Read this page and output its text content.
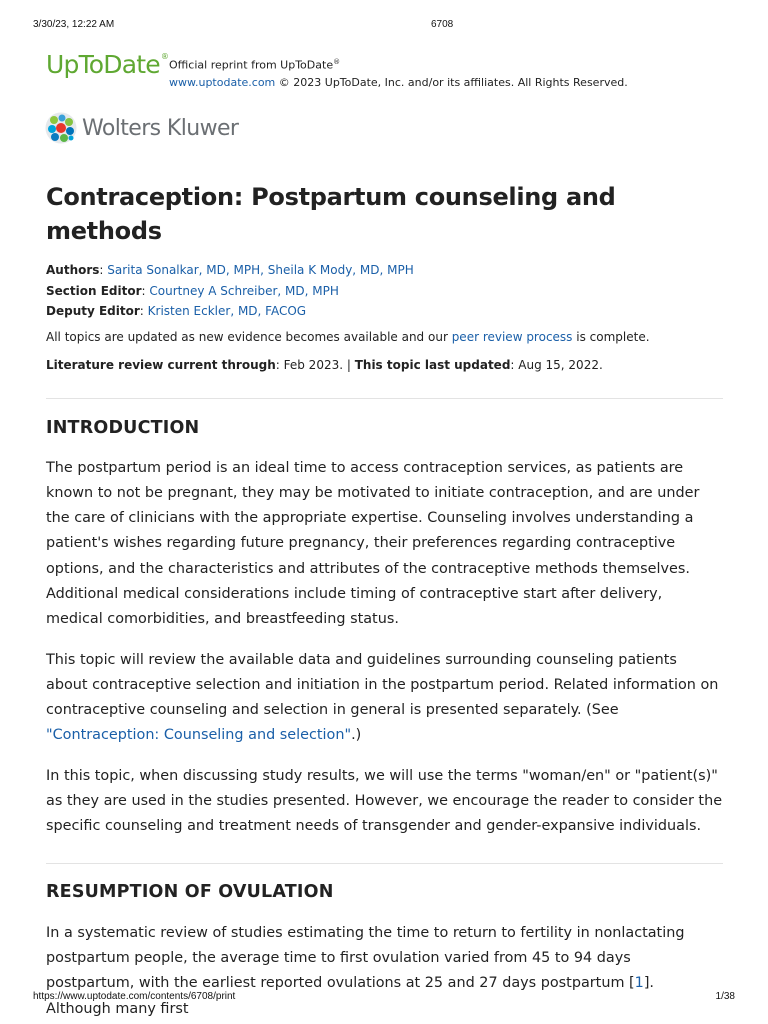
3/30/23, 12:22 AM	6708
UpToDate®
Official reprint from UpToDate®
www.uptodate.com © 2023 UpToDate, Inc. and/or its affiliates. All Rights Reserved.
Wolters Kluwer
Contraception: Postpartum counseling and methods
Authors: Sarita Sonalkar, MD, MPH, Sheila K Mody, MD, MPH
Section Editor: Courtney A Schreiber, MD, MPH
Deputy Editor: Kristen Eckler, MD, FACOG
All topics are updated as new evidence becomes available and our peer review process is complete.
Literature review current through: Feb 2023. | This topic last updated: Aug 15, 2022.
INTRODUCTION

The postpartum period is an ideal time to access contraception services, as patients are known to not be pregnant, they may be motivated to initiate contraception, and are under the care of clinicians with the appropriate expertise. Counseling involves understanding a patient's wishes regarding future pregnancy, their preferences regarding contraceptive options, and the characteristics and attributes of the contraceptive methods themselves. Additional medical considerations include timing of contraceptive start after delivery, medical comorbidities, and breastfeeding status.

This topic will review the available data and guidelines surrounding counseling patients about contraceptive selection and initiation in the postpartum period. Related information on contraceptive counseling and selection in general is presented separately. (See "Contraception: Counseling and selection".)

In this topic, when discussing study results, we will use the terms "woman/en" or "patient(s)" as they are used in the studies presented. However, we encourage the reader to consider the specific counseling and treatment needs of transgender and gender-expansive individuals.

RESUMPTION OF OVULATION

In a systematic review of studies estimating the time to return to fertility in nonlactating postpartum people, the average time to first ovulation varied from 45 to 94 days postpartum, with the earliest reported ovulations at 25 and 27 days postpartum [1]. Although many first

https://www.uptodate.com/contents/6708/print	1/38
